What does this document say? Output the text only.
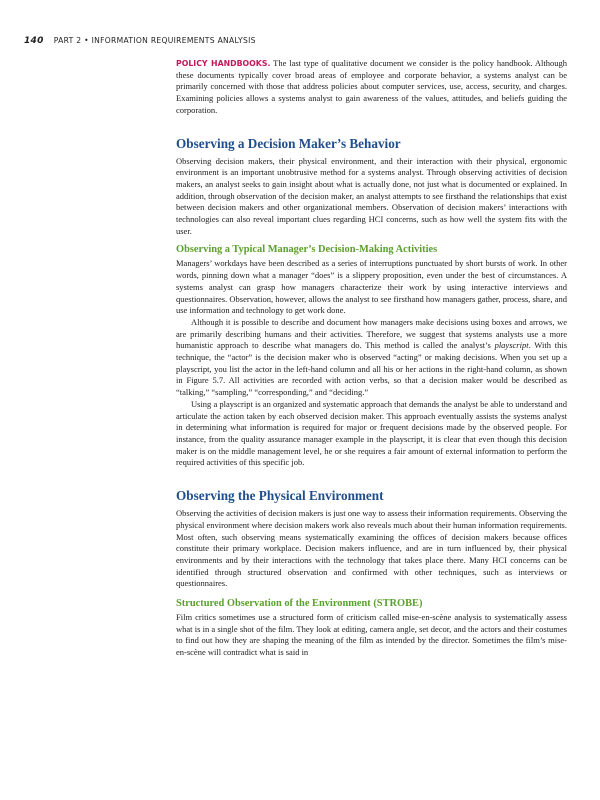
140 PART 2 • INFORMATION REQUIREMENTS ANALYSIS

POLICY HANDBOOKS. The last type of qualitative document we consider is the policy handbook. Although these documents typically cover broad areas of employee and corporate behavior, a systems analyst can be primarily concerned with those that address policies about computer services, use, access, security, and charges. Examining policies allows a systems analyst to gain awareness of the values, attitudes, and beliefs guiding the corporation.

Observing a Decision Maker’s Behavior

Observing decision makers, their physical environment, and their interaction with their physical, ergonomic environment is an important unobtrusive method for a systems analyst. Through observing activities of decision makers, an analyst seeks to gain insight about what is actually done, not just what is documented or explained. In addition, through observation of the decision maker, an analyst attempts to see firsthand the relationships that exist between decision makers and other organizational members. Observation of decision makers’ interactions with technologies can also reveal important clues regarding HCI concerns, such as how well the system fits with the user.

Observing a Typical Manager’s Decision-Making Activities

Managers’ workdays have been described as a series of interruptions punctuated by short bursts of work. In other words, pinning down what a manager “does” is a slippery proposition, even under the best of circumstances. A systems analyst can grasp how managers characterize their work by using interactive interviews and questionnaires. Observation, however, allows the analyst to see firsthand how managers gather, process, share, and use information and technology to get work done.

Although it is possible to describe and document how managers make decisions using boxes and arrows, we are primarily describing humans and their activities. Therefore, we suggest that systems analysts use a more humanistic approach to describe what managers do. This method is called the analyst’s playscript. With this technique, the “actor” is the decision maker who is observed “acting” or making decisions. When you set up a playscript, you list the actor in the left-hand column and all his or her actions in the right-hand column, as shown in Figure 5.7. All activities are recorded with action verbs, so that a decision maker would be described as “talking,” “sampling,” “corresponding,” and “deciding.”

Using a playscript is an organized and systematic approach that demands the analyst be able to understand and articulate the action taken by each observed decision maker. This approach eventually assists the systems analyst in determining what information is required for major or frequent decisions made by the observed people. For instance, from the quality assurance manager example in the playscript, it is clear that even though this decision maker is on the middle management level, he or she requires a fair amount of external information to perform the required activities of this specific job.

Observing the Physical Environment

Observing the activities of decision makers is just one way to assess their information requirements. Observing the physical environment where decision makers work also reveals much about their human information requirements. Most often, such observing means systematically examining the offices of decision makers because offices constitute their primary workplace. Decision makers influence, and are in turn influenced by, their physical environments and by their interactions with the technology that takes place there. Many HCI concerns can be identified through structured observation and confirmed with other techniques, such as interviews or questionnaires.

Structured Observation of the Environment (STROBE)

Film critics sometimes use a structured form of criticism called mise-en-scène analysis to systematically assess what is in a single shot of the film. They look at editing, camera angle, set decor, and the actors and their costumes to find out how they are shaping the meaning of the film as intended by the director. Sometimes the film’s mise-en-scène will contradict what is said in
